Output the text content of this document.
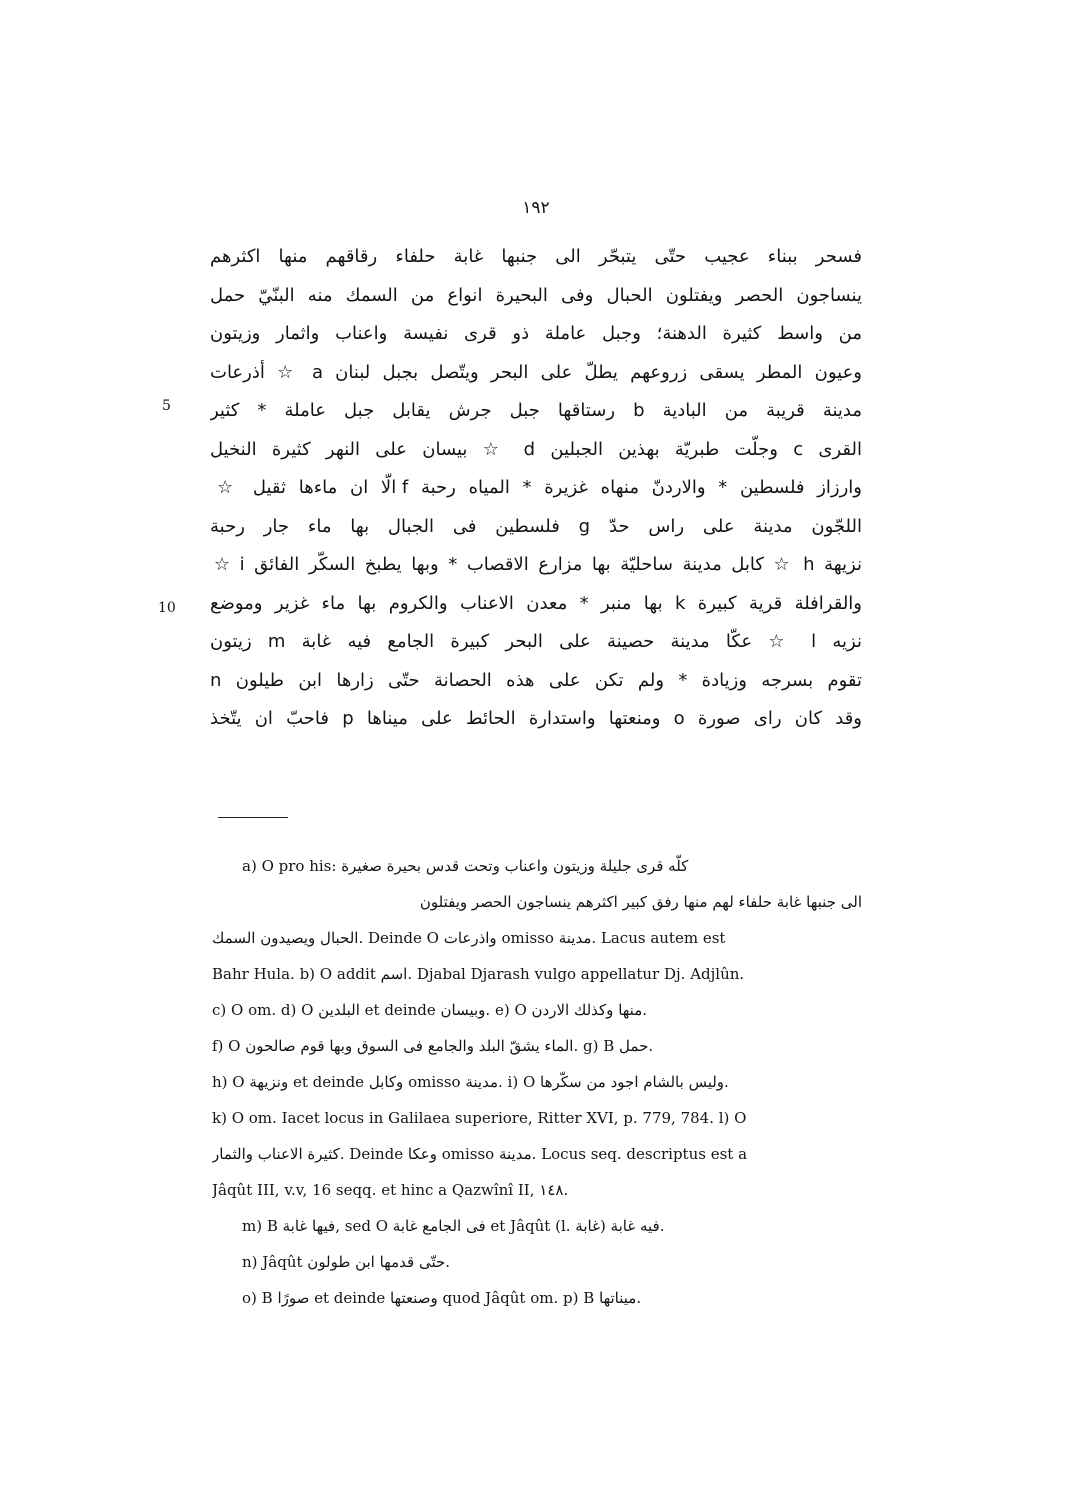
١٩٢
5
10
فسحر ببناء عجيب حتّى يتبحّر الى جنبها غابة حلفاء رقاقهم منها اكثرهم
ينساجون الحصر ويفتلون الحبال وفى البحيرة انواع من السمك منه البنّيّ حمل
من واسط كثيرة الدهنة؛ وجبل عاملة ذو قرى نفيسة واعناب واثمار وزيتون
وعيون المطر يسقى زروعهم يطلّ على البحر ويتّصل بجبل لبنان a ☆ أذرعات
مدينة قريبة من البادية b رستاقها جبل جرش يقابل جبل عاملة * كثير
القرى c وجلّت طبريّة بهذين الجبلين d ☆ بيسان على النهر كثيرة النخيل
وارزاز فلسطين * والاردنّ منهاه غزيرة * المياه رحبة f الّا ان ماءها ثقيل ☆
اللجّون مدينة على راس حدّ g فلسطين فى الجبال بها ماء جار رحبة
نزيهة h ☆ كابل مدينة ساحليّة بها مزارع الاقصاب * وبها يطبخ السكّر الفائق i ☆
والقرافلة قرية كبيرة k بها منبر * معدن الاعناب والكروم بها ماء غزير وموضع
نزيه l ☆ عكّا مدينة حصينة على البحر كبيرة الجامع فيه غابة m زيتون
تقوم بسرجه وزيادة * ولم تكن على هذه الحصانة حتّى زارها ابن طيلون n
وقد كان راى صورة o ومنعتها واستدارة الحائط على ميناها p فاحبّ ان يتّخذ
a) O pro his: كلّه قرى جليلة وزيتون واعناب وتحت قدس بحيرة صغيرة
الى جنبها غابة حلفاء لهم منها رفق كبير اكثرهم ينساجون الحصر ويفتلون
الحبال ويصيدون السمك. Deinde O واذرعات omisso مدينة. Lacus autem est
Bahr Hula. b) O addit اسم. Djabal Djarash vulgo appellatur Dj. Adjlûn.
c) O om. d) O البلدين et deinde وبيسان. e) O منها وكذلك الاردن.
f) O الماء يشقّ البلد والجامع فى السوق وبها قوم صالحون. g) B حمل.
h) O ونزيهة et deinde وكابل omisso مدينة. i) O وليس بالشام اجود من سكّرها.
k) O om. Iacet locus in Galilaea superiore, Ritter XVI, p. 779, 784. l) O
كثيرة الاعناب والثمار. Deinde وعكا omisso مدينة. Locus seq. descriptus est a
Jâqût III, v.v, 16 seqq. et hinc a Qazwînî II, ١٤٨.
m) B فيها غابة, sed O فى الجامع غابة et Jâqût (l. غابة) فيه غابة.
n) Jâqût حتّى قدمها ابن طولون.
o) B صورًا et deinde وصنعتها quod Jâqût om. p) B ميناتها.
